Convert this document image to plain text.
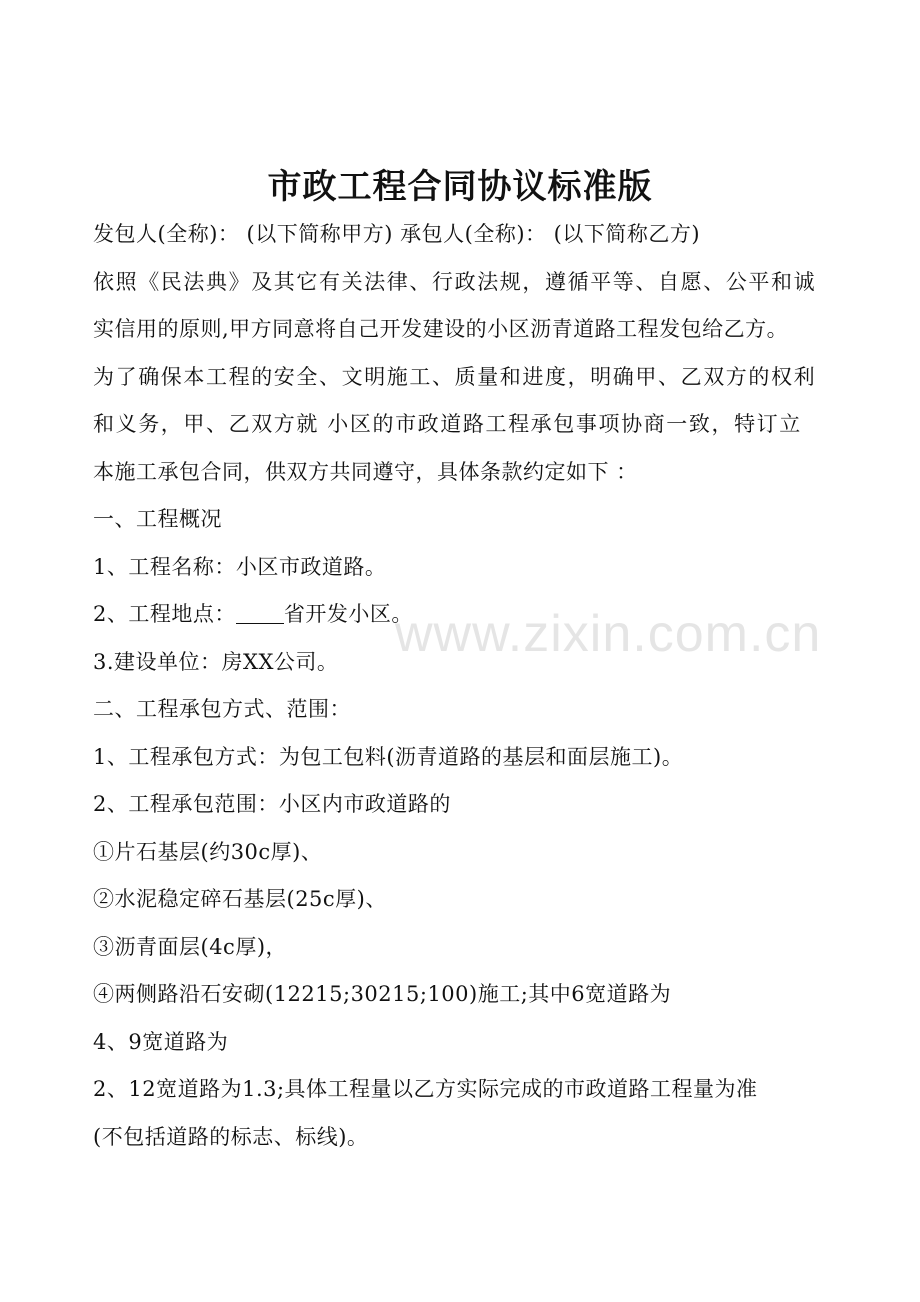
市政工程合同协议标准版
发包人(全称)： (以下简称甲方) 承包人(全称)： (以下简称乙方)
依照《民法典》及其它有关法律、行政法规，遵循平等、自愿、公平和诚
实信用的原则,甲方同意将自己开发建设的小区沥青道路工程发包给乙方。
为了确保本工程的安全、文明施工、质量和进度，明确甲、乙双方的权利
和义务，甲、乙双方就 小区的市政道路工程承包事项协商一致，特订立
本施工承包合同，供双方共同遵守，具体条款约定如下 ：
一、工程概况
1、工程名称：小区市政道路。
2、工程地点： 省开发小区。
3.建设单位：房XX公司。
二、工程承包方式、范围：
1、工程承包方式：为包工包料(沥青道路的基层和面层施工)。
2、工程承包范围：小区内市政道路的
①片石基层(约30c厚)、
②水泥稳定碎石基层(25c厚)、
③沥青面层(4c厚)，
④两侧路沿石安砌(12215;30215;100)施工;其中6宽道路为
4、9宽道路为
2、12宽道路为1.3;具体工程量以乙方实际完成的市政道路工程量为准
(不包括道路的标志、标线)。
www.zixin.com.cn
